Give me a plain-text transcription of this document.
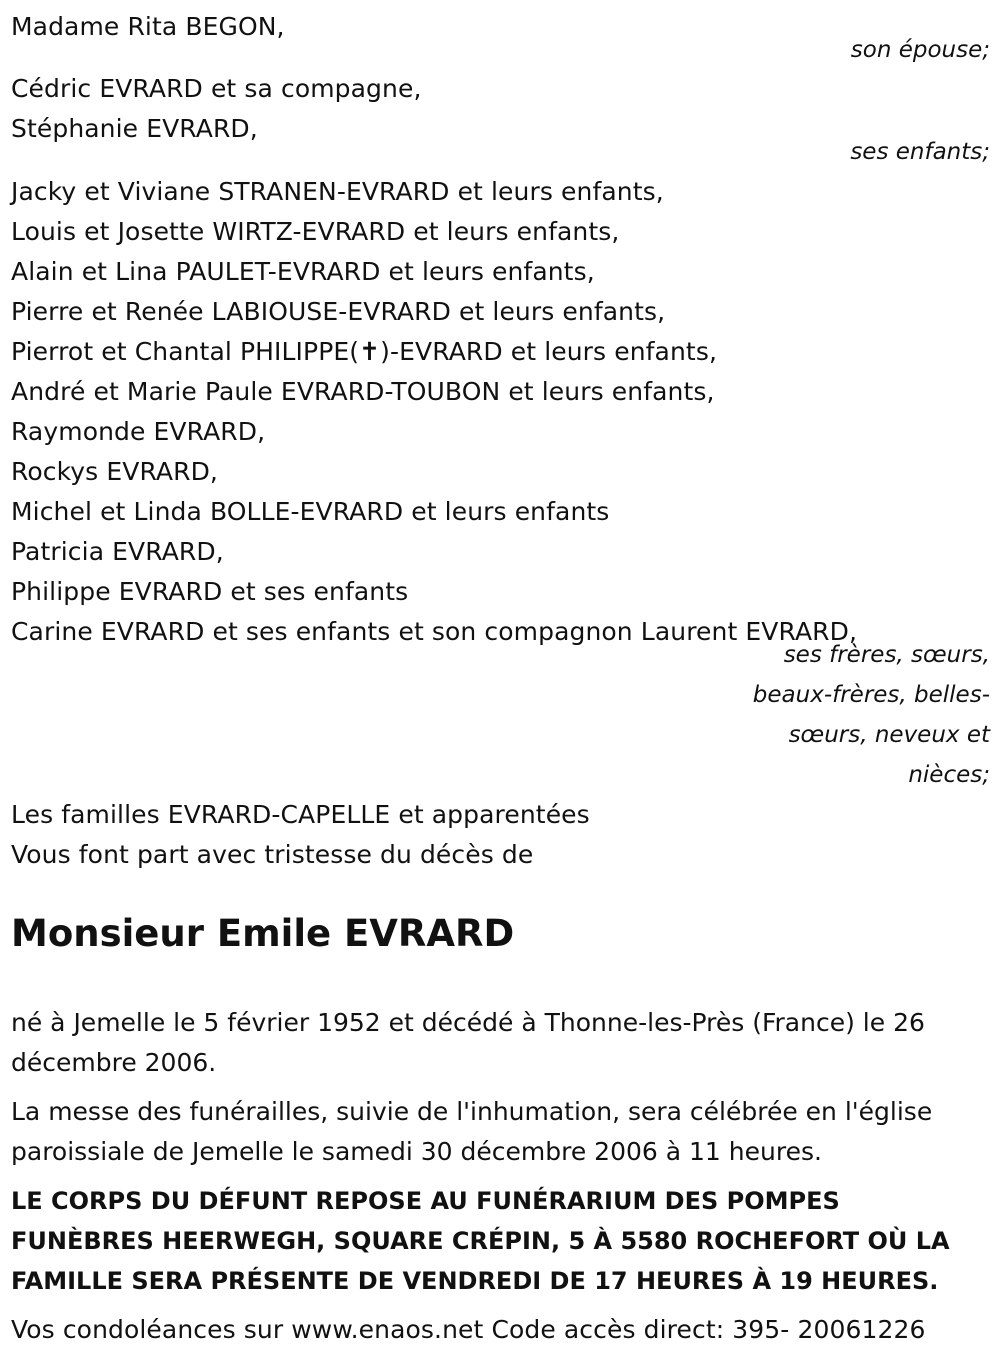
Madame Rita BEGON,
son épouse;
Cédric EVRARD et sa compagne,
Stéphanie EVRARD,
ses enfants;
Jacky et Viviane STRANEN-EVRARD et leurs enfants,
Louis et Josette WIRTZ-EVRARD et leurs enfants,
Alain et Lina PAULET-EVRARD et leurs enfants,
Pierre et Renée LABIOUSE-EVRARD et leurs enfants,
Pierrot et Chantal PHILIPPE(✝)-EVRARD et leurs enfants,
André et Marie Paule EVRARD-TOUBON et leurs enfants,
Raymonde EVRARD,
Rockys EVRARD,
Michel et Linda BOLLE-EVRARD et leurs enfants
Patricia EVRARD,
Philippe EVRARD et ses enfants
Carine EVRARD et ses enfants et son compagnon Laurent EVRARD,
ses frères, sœurs,
beaux-frères, belles-
sœurs, neveux et
nièces;
Les familles EVRARD-CAPELLE et apparentées
Vous font part avec tristesse du décès de
Monsieur Emile EVRARD
né à Jemelle le 5 février 1952 et décédé à Thonne-les-Près (France) le 26 décembre 2006.
La messe des funérailles, suivie de l'inhumation, sera célébrée en l'église paroissiale de Jemelle le samedi 30 décembre 2006 à 11 heures.
LE CORPS DU DÉFUNT REPOSE AU FUNÉRARIUM DES POMPES FUNÈBRES HEERWEGH, SQUARE CRÉPIN, 5 À 5580 ROCHEFORT OÙ LA FAMILLE SERA PRÉSENTE DE VENDREDI DE 17 HEURES À 19 HEURES.
Vos condoléances sur www.enaos.net Code accès direct: 395- 20061226
